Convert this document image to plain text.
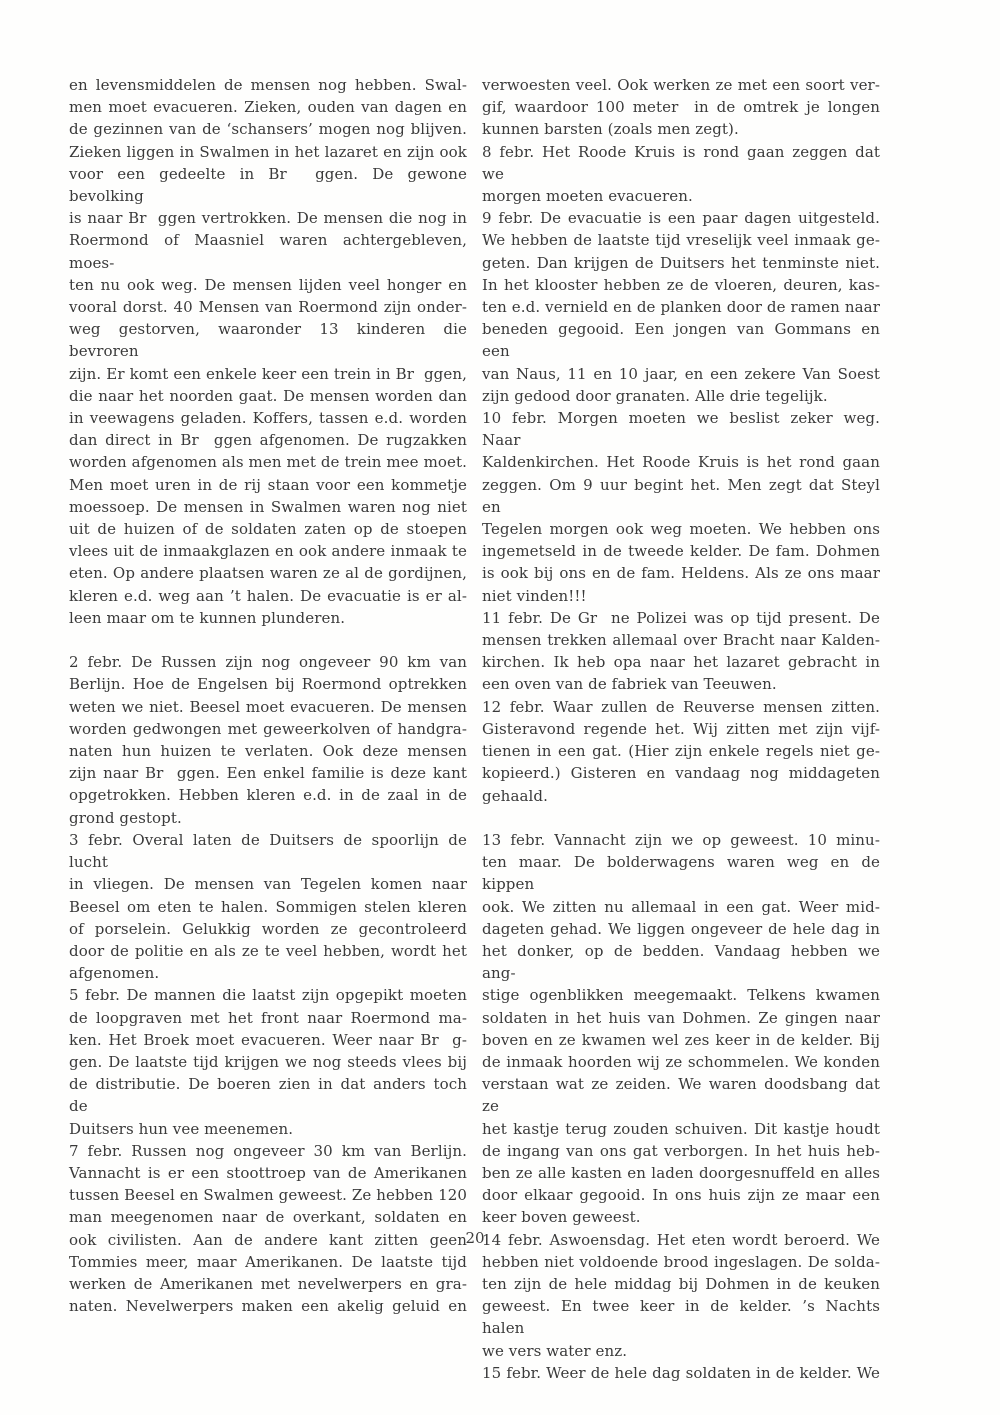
en levensmiddelen de mensen nog hebben. Swal-
men moet evacueren. Zieken, ouden van dagen en
de gezinnen van de ‘schansers’ mogen nog blijven.
Zieken liggen in Swalmen in het lazaret en zijn ook
voor een gedeelte in Br  ggen. De gewone bevolking
is naar Br  ggen vertrokken. De mensen die nog in
Roermond of Maasniel waren achtergebleven, moes-
ten nu ook weg. De mensen lijden veel honger en
vooral dorst. 40 Mensen van Roermond zijn onder-
weg gestorven, waaronder 13 kinderen die bevroren
zijn. Er komt een enkele keer een trein in Br  ggen,
die naar het noorden gaat. De mensen worden dan
in veewagens geladen. Koffers, tassen e.d. worden
dan direct in Br  ggen afgenomen. De rugzakken
worden afgenomen als men met de trein mee moet.
Men moet uren in de rij staan voor een kommetje
moessoep. De mensen in Swalmen waren nog niet
uit de huizen of de soldaten zaten op de stoepen
vlees uit de inmaakglazen en ook andere inmaak te
eten. Op andere plaatsen waren ze al de gordijnen,
kleren e.d. weg aan ’t halen. De evacuatie is er al-
leen maar om te kunnen plunderen.
2 febr. De Russen zijn nog ongeveer 90 km van
Berlijn. Hoe de Engelsen bij Roermond optrekken
weten we niet. Beesel moet evacueren. De mensen
worden gedwongen met geweerkolven of handgra-
naten hun huizen te verlaten. Ook deze mensen
zijn naar Br  ggen. Een enkel familie is deze kant
opgetrokken. Hebben kleren e.d. in de zaal in de
grond gestopt.
3 febr. Overal laten de Duitsers de spoorlijn de lucht
in vliegen. De mensen van Tegelen komen naar
Beesel om eten te halen. Sommigen stelen kleren
of porselein. Gelukkig worden ze gecontroleerd
door de politie en als ze te veel hebben, wordt het
afgenomen.
5 febr. De mannen die laatst zijn opgepikt moeten
de loopgraven met het front naar Roermond ma-
ken. Het Broek moet evacueren. Weer naar Br  g-
gen. De laatste tijd krijgen we nog steeds vlees bij
de distributie. De boeren zien in dat anders toch de
Duitsers hun vee meenemen.
7 febr. Russen nog ongeveer 30 km van Berlijn.
Vannacht is er een stoottroep van de Amerikanen
tussen Beesel en Swalmen geweest. Ze hebben 120
man meegenomen naar de overkant, soldaten en
ook civilisten. Aan de andere kant zitten geen
Tommies meer, maar Amerikanen. De laatste tijd
werken de Amerikanen met nevelwerpers en gra-
naten. Nevelwerpers maken een akelig geluid en
verwoesten veel. Ook werken ze met een soort ver-
gif, waardoor 100 meter  in de omtrek je longen
kunnen barsten (zoals men zegt).
8 febr. Het Roode Kruis is rond gaan zeggen dat we
morgen moeten evacueren.
9 febr. De evacuatie is een paar dagen uitgesteld.
We hebben de laatste tijd vreselijk veel inmaak ge-
geten. Dan krijgen de Duitsers het tenminste niet.
In het klooster hebben ze de vloeren, deuren, kas-
ten e.d. vernield en de planken door de ramen naar
beneden gegooid. Een jongen van Gommans en een
van Naus, 11 en 10 jaar, en een zekere Van Soest
zijn gedood door granaten. Alle drie tegelijk.
10 febr. Morgen moeten we beslist zeker weg. Naar
Kaldenkirchen. Het Roode Kruis is het rond gaan
zeggen. Om 9 uur begint het. Men zegt dat Steyl en
Tegelen morgen ook weg moeten. We hebben ons
ingemetseld in de tweede kelder. De fam. Dohmen
is ook bij ons en de fam. Heldens. Als ze ons maar
niet vinden!!!
11 febr. De Gr  ne Polizei was op tijd present. De
mensen trekken allemaal over Bracht naar Kalden-
kirchen. Ik heb opa naar het lazaret gebracht in
een oven van de fabriek van Teeuwen.
12 febr. Waar zullen de Reuverse mensen zitten.
Gisteravond regende het. Wij zitten met zijn vijf-
tienen in een gat. (Hier zijn enkele regels niet ge-
kopieerd.) Gisteren en vandaag nog middageten
gehaald.
13 febr. Vannacht zijn we op geweest. 10 minu-
ten maar. De bolderwagens waren weg en de kippen
ook. We zitten nu allemaal in een gat. Weer mid-
dageten gehad. We liggen ongeveer de hele dag in
het donker, op de bedden. Vandaag hebben we ang-
stige ogenblikken meegemaakt. Telkens kwamen
soldaten in het huis van Dohmen. Ze gingen naar
boven en ze kwamen wel zes keer in de kelder. Bij
de inmaak hoorden wij ze schommelen. We konden
verstaan wat ze zeiden. We waren doodsbang dat ze
het kastje terug zouden schuiven. Dit kastje houdt
de ingang van ons gat verborgen. In het huis heb-
ben ze alle kasten en laden doorgesnuffeld en alles
door elkaar gegooid. In ons huis zijn ze maar een
keer boven geweest.
14 febr. Aswoensdag. Het eten wordt beroerd. We
hebben niet voldoende brood ingeslagen. De solda-
ten zijn de hele middag bij Dohmen in de keuken
geweest. En twee keer in de kelder. ’s Nachts halen
we vers water enz.
15 febr. Weer de hele dag soldaten in de kelder. We
20
